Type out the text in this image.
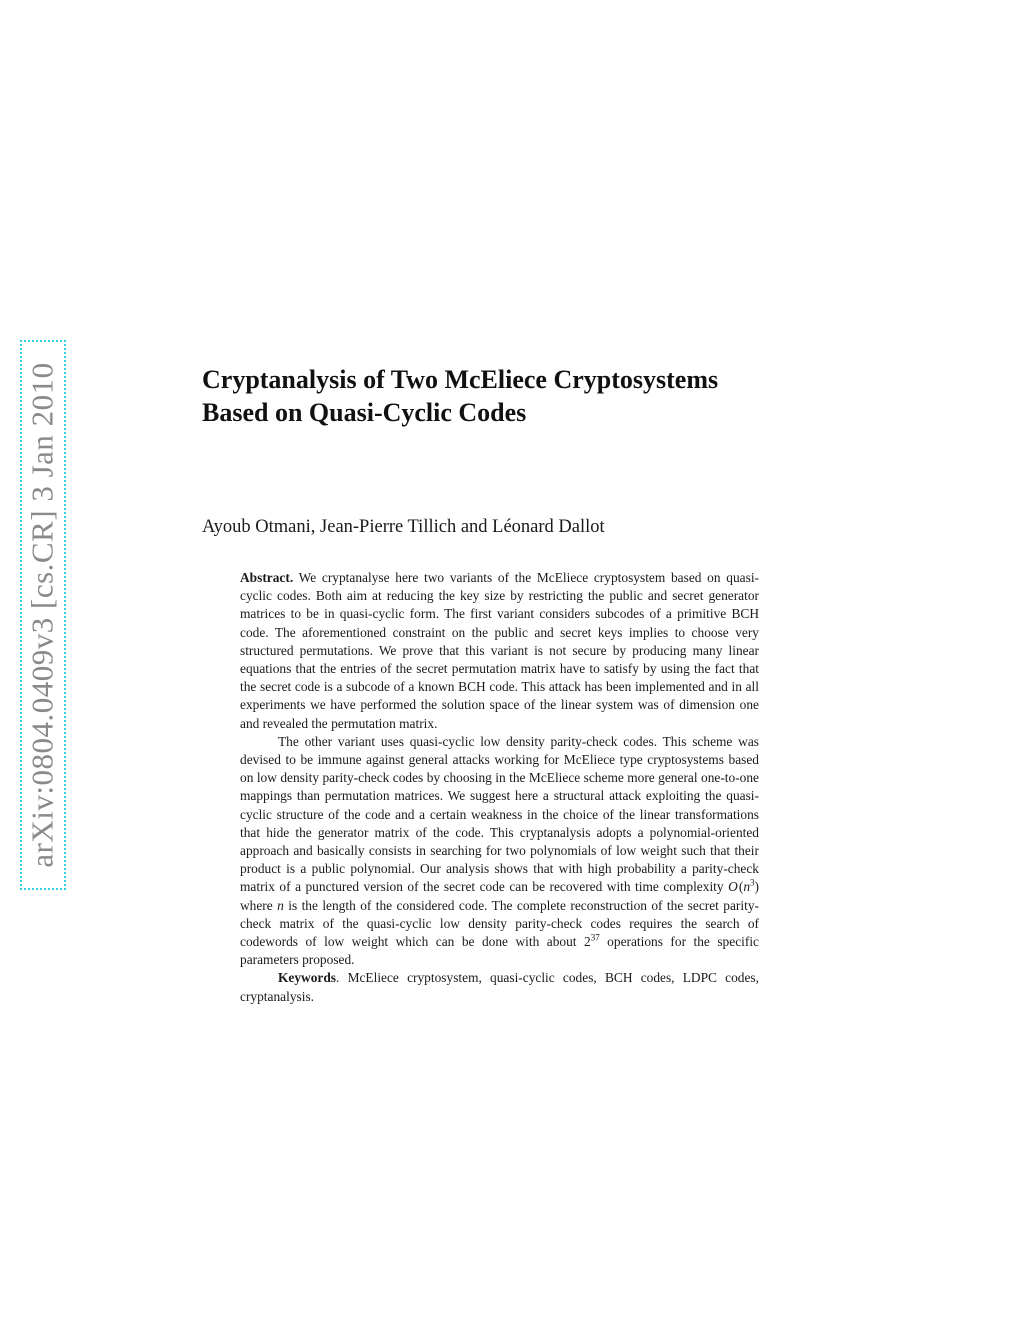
arXiv:0804.0409v3 [cs.CR] 3 Jan 2010	Cryptanalysis of Two McEliece Cryptosystems
Based on Quasi-Cyclic Codes
Ayoub Otmani, Jean-Pierre Tillich and Léonard Dallot

Abstract. We cryptanalyse here two variants of the McEliece cryptosystem based on quasi-cyclic codes. Both aim at reducing the key size by restricting the public and secret generator matrices to be in quasi-cyclic form. The first variant considers subcodes of a primitive BCH code. The aforementioned constraint on the public and secret keys implies to choose very structured permutations. We prove that this variant is not secure by producing many linear equations that the entries of the secret permutation matrix have to satisfy by using the fact that the secret code is a subcode of a known BCH code. This attack has been implemented and in all experiments we have performed the solution space of the linear system was of dimension one and revealed the permutation matrix.

The other variant uses quasi-cyclic low density parity-check codes. This scheme was devised to be immune against general attacks working for McEliece type cryptosystems based on low density parity-check codes by choosing in the McEliece scheme more general one-to-one mappings than permutation matrices. We suggest here a structural attack exploiting the quasi-cyclic structure of the code and a certain weakness in the choice of the linear transformations that hide the generator matrix of the code. This cryptanalysis adopts a polynomial-oriented approach and basically consists in searching for two polynomials of low weight such that their product is a public polynomial. Our analysis shows that with high probability a parity-check matrix of a punctured version of the secret code can be recovered with time complexity O $(n^3)$ where n is the length of the considered code. The complete reconstruction of the secret parity-check matrix of the quasi-cyclic low density parity-check codes requires the search of codewords of low weight which can be done with about $2^{37}$ operations for the specific parameters proposed.

Keywords. McEliece cryptosystem, quasi-cyclic codes, BCH codes, LDPC codes, cryptanalysis.
